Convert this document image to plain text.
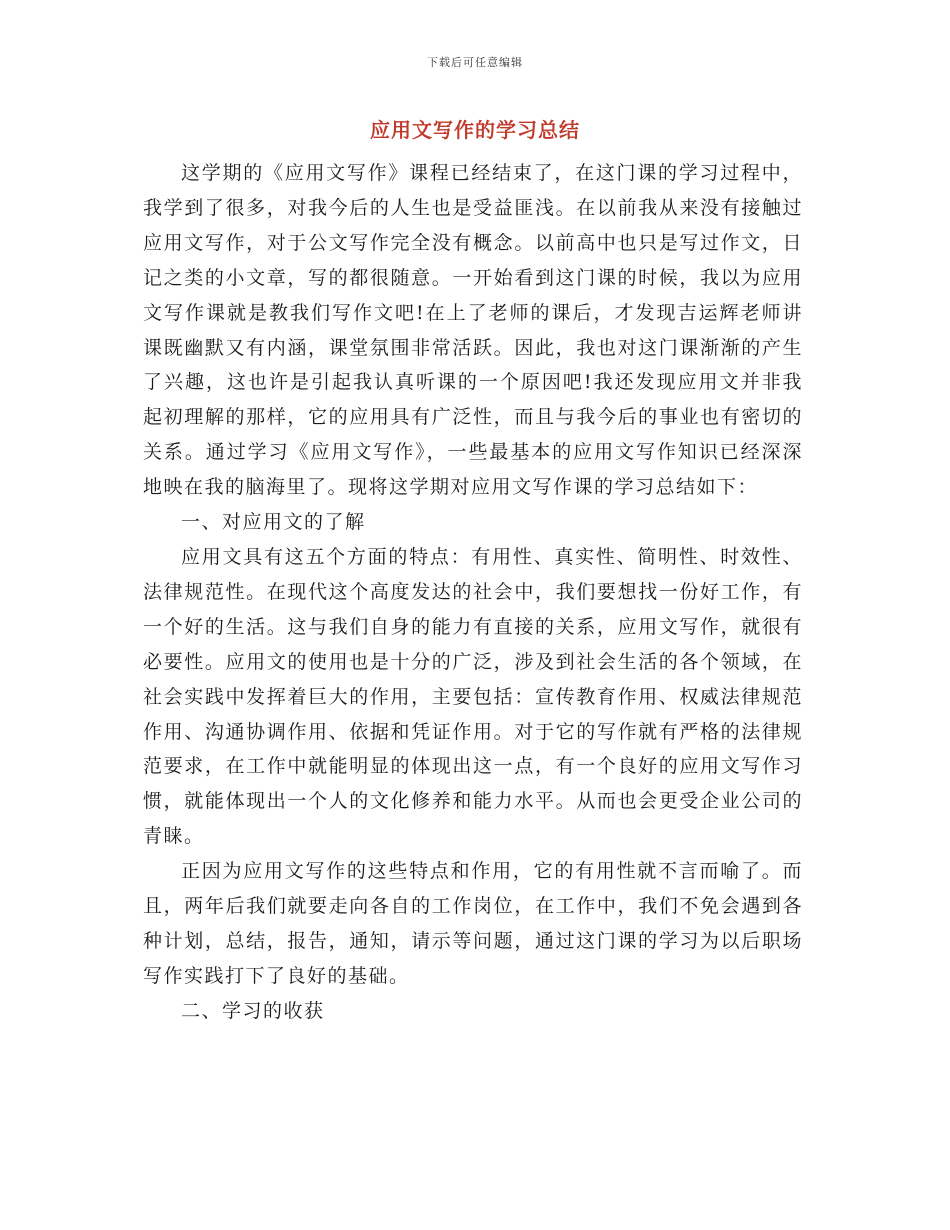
下载后可任意编辑
应用文写作的学习总结

这学期的《应用文写作》课程已经结束了，在这门课的学习过程中，我学到了很多，对我今后的人生也是受益匪浅。在以前我从来没有接触过应用文写作，对于公文写作完全没有概念。以前高中也只是写过作文，日记之类的小文章，写的都很随意。一开始看到这门课的时候，我以为应用文写作课就是教我们写作文吧!在上了老师的课后，才发现吉运辉老师讲课既幽默又有内涵，课堂氛围非常活跃。因此，我也对这门课渐渐的产生了兴趣，这也许是引起我认真听课的一个原因吧!我还发现应用文并非我起初理解的那样，它的应用具有广泛性，而且与我今后的事业也有密切的关系。通过学习《应用文写作》，一些最基本的应用文写作知识已经深深地映在我的脑海里了。现将这学期对应用文写作课的学习总结如下：

一、对应用文的了解

应用文具有这五个方面的特点：有用性、真实性、简明性、时效性、法律规范性。在现代这个高度发达的社会中，我们要想找一份好工作，有一个好的生活。这与我们自身的能力有直接的关系，应用文写作，就很有必要性。应用文的使用也是十分的广泛，涉及到社会生活的各个领域，在社会实践中发挥着巨大的作用，主要包括：宣传教育作用、权威法律规范作用、沟通协调作用、依据和凭证作用。对于它的写作就有严格的法律规范要求，在工作中就能明显的体现出这一点，有一个良好的应用文写作习惯，就能体现出一个人的文化修养和能力水平。从而也会更受企业公司的青睐。

正因为应用文写作的这些特点和作用，它的有用性就不言而喻了。而且，两年后我们就要走向各自的工作岗位，在工作中，我们不免会遇到各种计划，总结，报告，通知，请示等问题，通过这门课的学习为以后职场写作实践打下了良好的基础。

二、学习的收获
